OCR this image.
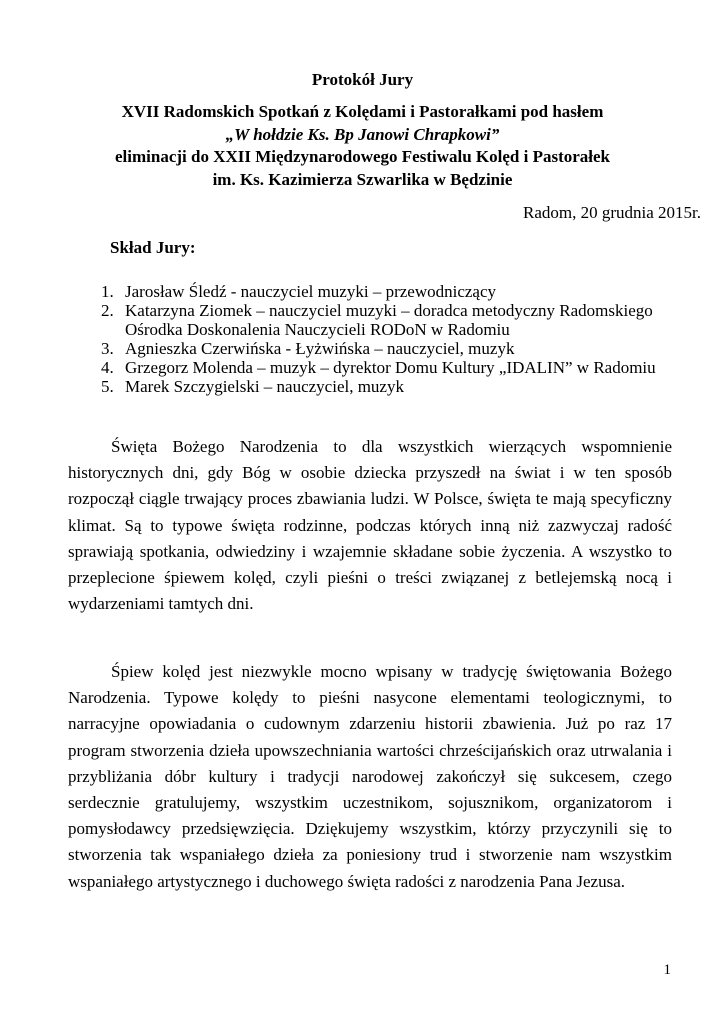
Protokół Jury
XVII Radomskich Spotkań z Kolędami i Pastorałkami pod hasłem
„W hołdzie Ks. Bp Janowi Chrapkowi”
eliminacji do XXII Międzynarodowego Festiwalu Kolęd i Pastorałek
im. Ks. Kazimierza Szwarlika w Będzinie
Radom, 20 grudnia 2015r.
Skład Jury:
1. Jarosław Śledź - nauczyciel muzyki – przewodniczący
2. Katarzyna Ziomek – nauczyciel muzyki – doradca metodyczny Radomskiego Ośrodka Doskonalenia Nauczycieli RODoN w Radomiu
3. Agnieszka Czerwińska - Łyżwińska – nauczyciel, muzyk
4. Grzegorz Molenda – muzyk – dyrektor Domu Kultury „IDALIN” w Radomiu
5. Marek Szczygielski – nauczyciel, muzyk

Święta Bożego Narodzenia to dla wszystkich wierzących wspomnienie historycznych dni, gdy Bóg w osobie dziecka przyszedł na świat i w ten sposób rozpoczął ciągle trwający proces zbawiania ludzi. W Polsce, święta te mają specyficzny klimat. Są to typowe święta rodzinne, podczas których inną niż zazwyczaj radość sprawiają spotkania, odwiedziny i wzajemnie składane sobie życzenia. A wszystko to przeplecione śpiewem kolęd, czyli pieśni o treści związanej z betlejemską nocą i wydarzeniami tamtych dni.

Śpiew kolęd jest niezwykle mocno wpisany w tradycję świętowania Bożego Narodzenia. Typowe kolędy to pieśni nasycone elementami teologicznymi, to narracyjne opowiadania o cudownym zdarzeniu historii zbawienia. Już po raz 17 program stworzenia dzieła upowszechniania wartości chrześcijańskich oraz utrwalania i przybliżania dóbr kultury i tradycji narodowej zakończył się sukcesem, czego serdecznie gratulujemy, wszystkim uczestnikom, sojusznikom, organizatorom i pomysłodawcy przedsięwzięcia. Dziękujemy wszystkim, którzy przyczynili się to stworzenia tak wspaniałego dzieła za poniesiony trud i stworzenie nam wszystkim wspaniałego artystycznego i duchowego święta radości z narodzenia Pana Jezusa.

1
